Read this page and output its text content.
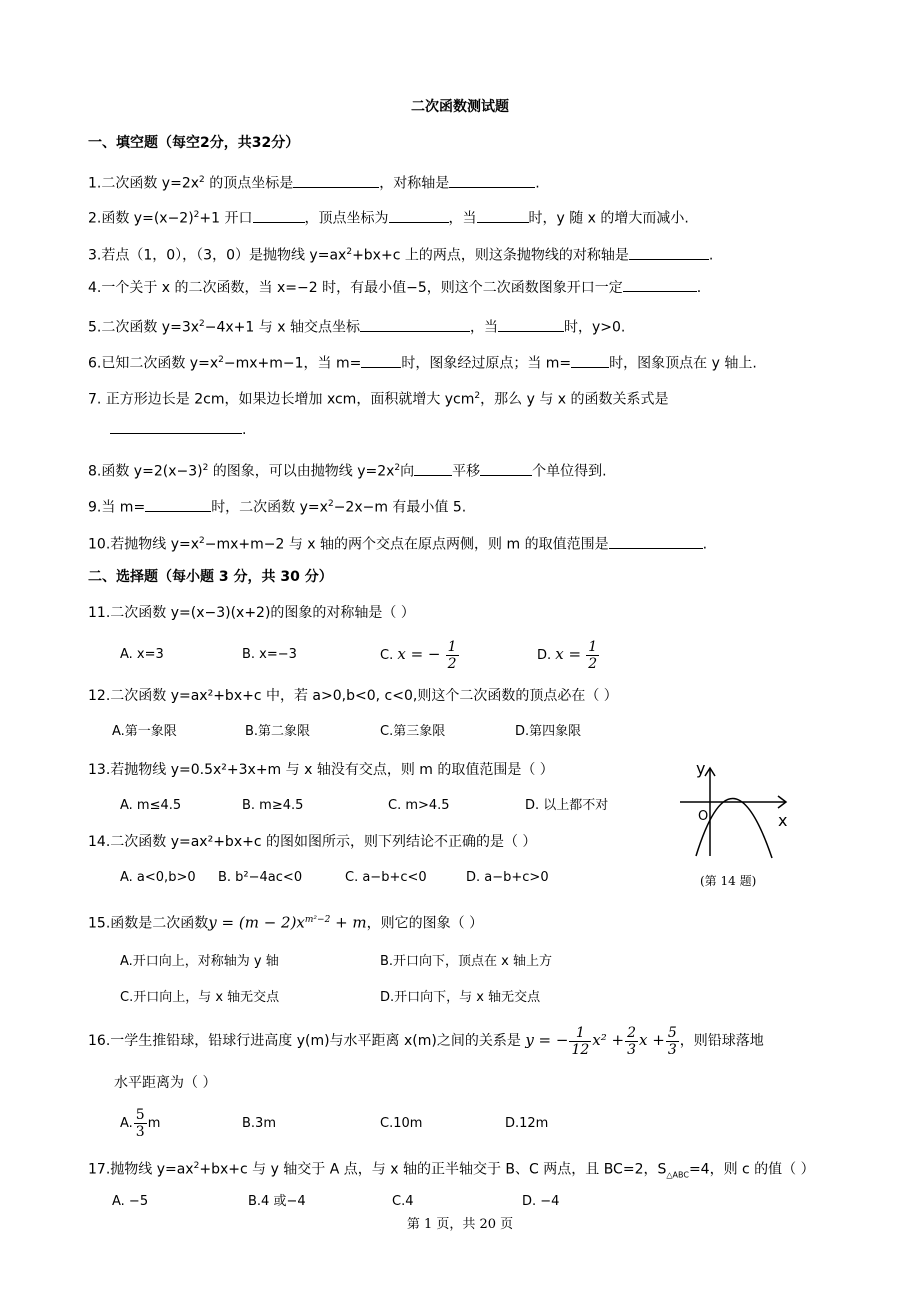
二次函数测试题
一、填空题（每空2分，共32分）
1.二次函数 $y=2x^2$ 的顶点坐标是	，对称轴是	.
2.函数 $y=(x-2)^2+1$ 开口	，顶点坐标为	，当	时，y 随 x 的增大而减小.
3.若点（1，0），（3，0）是抛物线 $y=ax^2+bx+c$ 上的两点，则这条抛物线的对称轴是	.
4.一个关于 x 的二次函数，当 x=−2 时，有最小值−5，则这个二次函数图象开口一定	.
5.二次函数 $y=3x^2-4x+1$ 与 x 轴交点坐标	，当	时，y>0.
6.已知二次函数 $y=x^2-mx+m-1$，当 m=	时，图象经过原点；当 m=	时，图象顶点在 y 轴上.
7. 正方形边长是 2cm，如果边长增加 xcm，面积就增大 ycm$^2$，那么 y 与 x 的函数关系式是
.
8.函数 $y=2(x-3)^2$ 的图象，可以由抛物线 $y=2x^2$向	平移	个单位得到.
9.当 m=	时，二次函数 $y=x^2-2x-m$ 有最小值 5.
10.若抛物线 $y=x^2-mx+m-2$ 与 x 轴的两个交点在原点两侧，则 m 的取值范围是	.
二、选择题（每小题 3 分，共 30 分）
11.二次函数 y=(x−3)(x+2)的图象的对称轴是（ ）
A. x=3	B. x=−3	C. x = − $\frac{1}{2}$	D. $x = \frac{1}{2}$
12.二次函数 y=ax²+bx+c 中，若 a>0,b<0, c<0,则这个二次函数的顶点必在（ ）
A.第一象限	B.第二象限	C.第三象限	D.第四象限
13.若抛物线 y=0.5x²+3x+m 与 x 轴没有交点，则 m 的取值范围是（ ）
A. m≤4.5	B. m≥4.5	C. m>4.5	D. 以上都不对
y
x
O
(第 14 题)
14.二次函数 y=ax²+bx+c 的图如图所示，则下列结论不正确的是（ ）
A. a<0,b>0 B. b²−4ac<0	C. a−b+c<0	D. a−b+c>0
15.函数是二次函数$y = (m - 2)x^{m^2-2} + m$，则它的图象（ ）
A.开口向上，对称轴为 y 轴	B.开口向下，顶点在 x 轴上方
C.开口向上，与 x 轴无交点	D.开口向下，与 x 轴无交点
16.一学生推铅球，铅球行进高度 y(m)与水平距离 x(m)之间的关系是 y = − $\frac{1}{12} x^2 + \frac{2}{3}$ $x + \frac{5}{3}$ ，则铅球落地
水平距离为（ ）
A. $\frac{5}{3}$ m	B.3m	C.10m	D.12m
17.抛物线 $y=ax^2+bx+c$ 与 y 轴交于 A 点，与 x 轴的正半轴交于 B、C 两点，且 BC=2，$S_{\triangle ABC}=4$，则 c 的值（ ）
A. −5	B.4 或−4	C.4	D. −4
第 1 页，共 20 页
